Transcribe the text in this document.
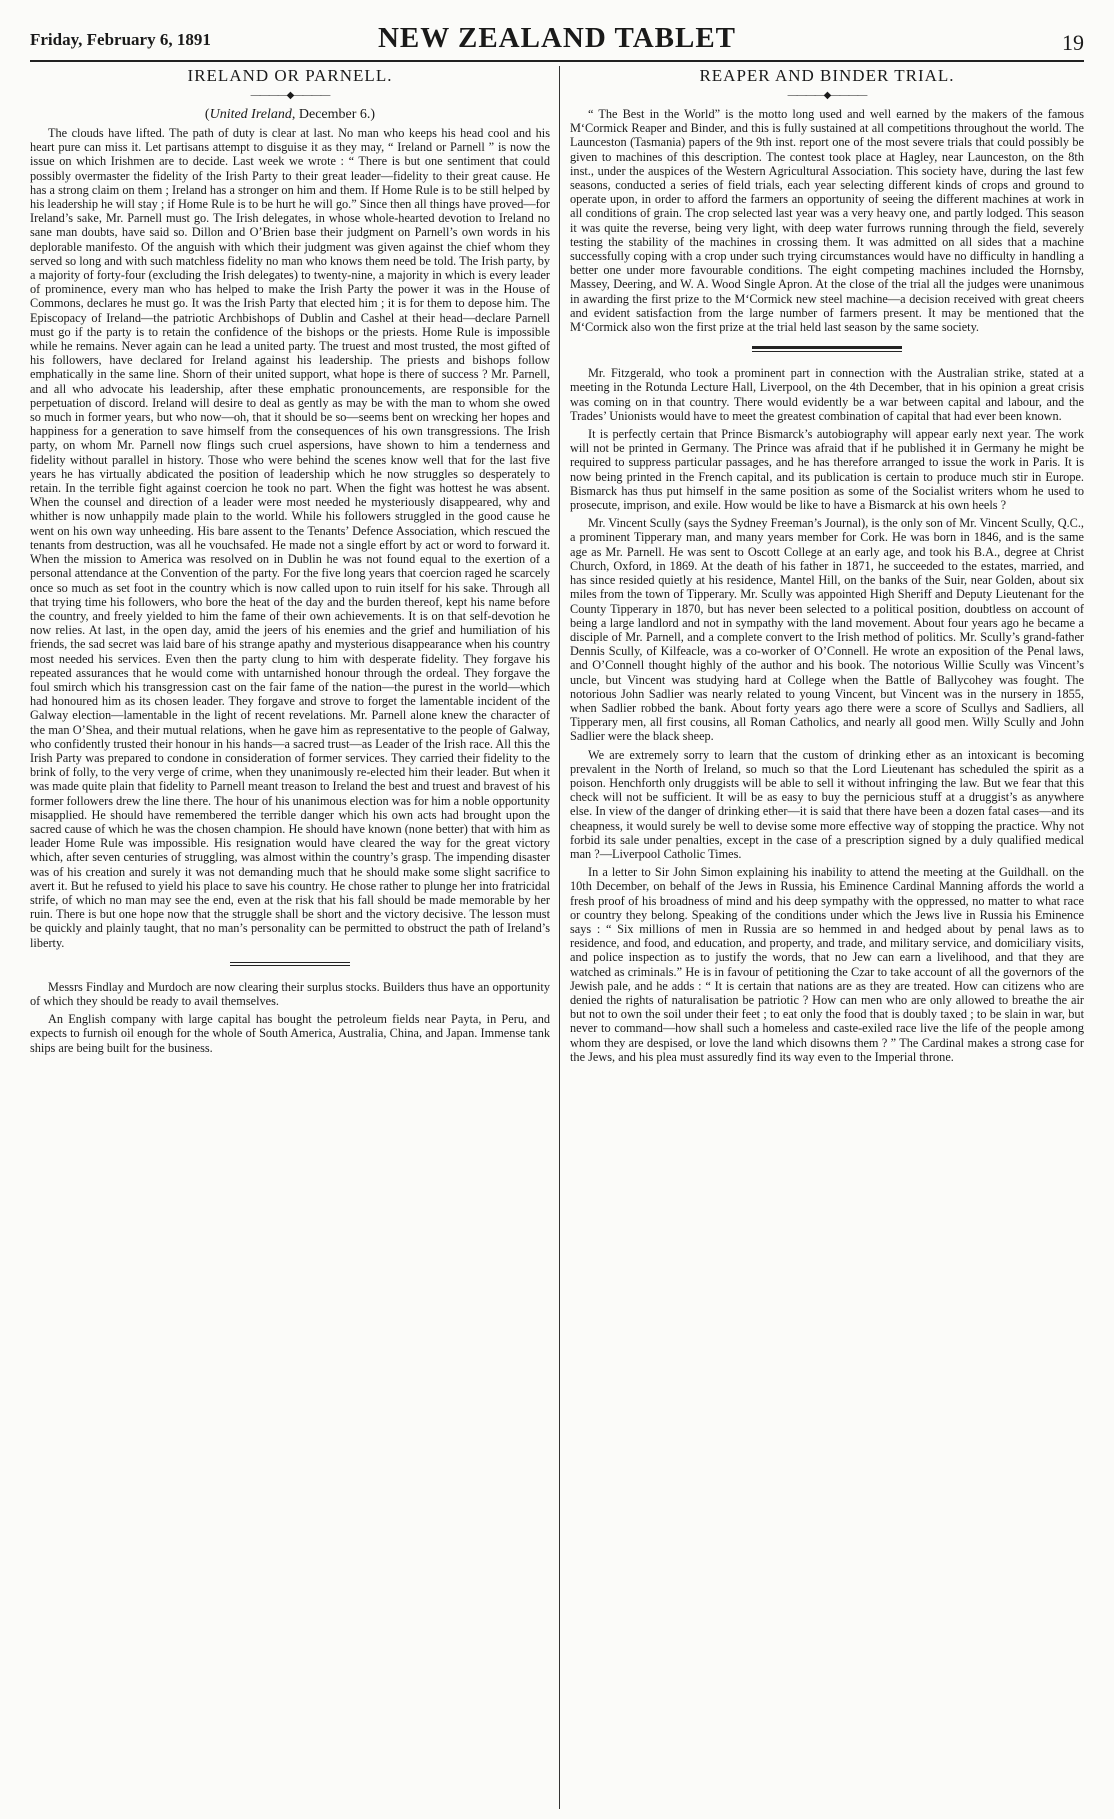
Friday, February 6, 1891	NEW ZEALAND TABLET	19
IRELAND OR PARNELL.
————◆————
(United Ireland, December 6.)

The clouds have lifted. The path of duty is clear at last. No man who keeps his head cool and his heart pure can miss it. Let partisans attempt to disguise it as they may, “ Ireland or Parnell ” is now the issue on which Irishmen are to decide. Last week we wrote : “ There is but one sentiment that could possibly overmaster the fidelity of the Irish Party to their great leader—fidelity to their great cause. He has a strong claim on them ; Ireland has a stronger on him and them. If Home Rule is to be still helped by his leadership he will stay ; if Home Rule is to be hurt he will go.” Since then all things have proved—for Ireland’s sake, Mr. Parnell must go. The Irish delegates, in whose whole-hearted devotion to Ireland no sane man doubts, have said so. Dillon and O’Brien base their judgment on Parnell’s own words in his deplorable manifesto. Of the anguish with which their judgment was given against the chief whom they served so long and with such matchless fidelity no man who knows them need be told. The Irish party, by a majority of forty-four (excluding the Irish delegates) to twenty-nine, a majority in which is every leader of prominence, every man who has helped to make the Irish Party the power it was in the House of Commons, declares he must go. It was the Irish Party that elected him ; it is for them to depose him. The Episcopacy of Ireland—the patriotic Archbishops of Dublin and Cashel at their head—declare Parnell must go if the party is to retain the confidence of the bishops or the priests. Home Rule is impossible while he remains. Never again can he lead a united party. The truest and most trusted, the most gifted of his followers, have declared for Ireland against his leadership. The priests and bishops follow emphatically in the same line. Shorn of their united support, what hope is there of success ? Mr. Parnell, and all who advocate his leadership, after these emphatic pronouncements, are responsible for the perpetuation of discord. Ireland will desire to deal as gently as may be with the man to whom she owed so much in former years, but who now—oh, that it should be so—seems bent on wrecking her hopes and happiness for a generation to save himself from the consequences of his own transgressions. The Irish party, on whom Mr. Parnell now flings such cruel aspersions, have shown to him a tenderness and fidelity without parallel in history. Those who were behind the scenes know well that for the last five years he has virtually abdicated the position of leadership which he now struggles so desperately to retain. In the terrible fight against coercion he took no part. When the fight was hottest he was absent. When the counsel and direction of a leader were most needed he mysteriously disappeared, why and whither is now unhappily made plain to the world. While his followers struggled in the good cause he went on his own way unheeding. His bare assent to the Tenants’ Defence Association, which rescued the tenants from destruction, was all he vouchsafed. He made not a single effort by act or word to forward it. When the mission to America was resolved on in Dublin he was not found equal to the exertion of a personal attendance at the Convention of the party. For the five long years that coercion raged he scarcely once so much as set foot in the country which is now called upon to ruin itself for his sake. Through all that trying time his followers, who bore the heat of the day and the burden thereof, kept his name before the country, and freely yielded to him the fame of their own achievements. It is on that self-devotion he now relies. At last, in the open day, amid the jeers of his enemies and the grief and humiliation of his friends, the sad secret was laid bare of his strange apathy and mysterious disappearance when his country most needed his services. Even then the party clung to him with desperate fidelity. They forgave his repeated assurances that he would come with untarnished honour through the ordeal. They forgave the foul smirch which his transgression cast on the fair fame of the nation—the purest in the world—which had honoured him as its chosen leader. They forgave and strove to forget the lamentable incident of the Galway election—lamentable in the light of recent revelations. Mr. Parnell alone knew the character of the man O’Shea, and their mutual relations, when he gave him as representative to the people of Galway, who confidently trusted their honour in his hands—a sacred trust—as Leader of the Irish race. All this the Irish Party was prepared to condone in consideration of former services. They carried their fidelity to the brink of folly, to the very verge of crime, when they unanimously re-elected him their leader. But when it was made quite plain that fidelity to Parnell meant treason to Ireland the best and truest and bravest of his former followers drew the line there. The hour of his unanimous election was for him a noble opportunity misapplied. He should have remembered the terrible danger which his own acts had brought upon the sacred cause of which he was the chosen champion. He should have known (none better) that with him as leader Home Rule was impossible. His resignation would have cleared the way for the great victory which, after seven centuries of struggling, was almost within the country’s grasp. The impending disaster was of his creation and surely it was not demanding much that he should make some slight sacrifice to avert it. But he refused to yield his place to save his country. He chose rather to plunge her into fratricidal strife, of which no man may see the end, even at the risk that his fall should be made memorable by her ruin. There is but one hope now that the struggle shall be short and the victory decisive. The lesson must be quickly and plainly taught, that no man’s personality can be permitted to obstruct the path of Ireland’s liberty.

Messrs Findlay and Murdoch are now clearing their surplus stocks. Builders thus have an opportunity of which they should be ready to avail themselves.

An English company with large capital has bought the petroleum fields near Payta, in Peru, and expects to furnish oil enough for the whole of South America, Australia, China, and Japan. Immense tank ships are being built for the business.

REAPER AND BINDER TRIAL.
————◆————

“ The Best in the World” is the motto long used and well earned by the makers of the famous M‘Cormick Reaper and Binder, and this is fully sustained at all competitions throughout the world. The Launceston (Tasmania) papers of the 9th inst. report one of the most severe trials that could possibly be given to machines of this description. The contest took place at Hagley, near Launceston, on the 8th inst., under the auspices of the Western Agricultural Association. This society have, during the last few seasons, conducted a series of field trials, each year selecting different kinds of crops and ground to operate upon, in order to afford the farmers an opportunity of seeing the different machines at work in all conditions of grain. The crop selected last year was a very heavy one, and partly lodged. This season it was quite the reverse, being very light, with deep water furrows running through the field, severely testing the stability of the machines in crossing them. It was admitted on all sides that a machine successfully coping with a crop under such trying circumstances would have no difficulty in handling a better one under more favourable conditions. The eight competing machines included the Hornsby, Massey, Deering, and W. A. Wood Single Apron. At the close of the trial all the judges were unanimous in awarding the first prize to the M‘Cormick new steel machine—a decision received with great cheers and evident satisfaction from the large number of farmers present. It may be mentioned that the M‘Cormick also won the first prize at the trial held last season by the same society.

Mr. Fitzgerald, who took a prominent part in connection with the Australian strike, stated at a meeting in the Rotunda Lecture Hall, Liverpool, on the 4th December, that in his opinion a great crisis was coming on in that country. There would evidently be a war between capital and labour, and the Trades’ Unionists would have to meet the greatest combination of capital that had ever been known.

It is perfectly certain that Prince Bismarck’s autobiography will appear early next year. The work will not be printed in Germany. The Prince was afraid that if he published it in Germany he might be required to suppress particular passages, and he has therefore arranged to issue the work in Paris. It is now being printed in the French capital, and its publication is certain to produce much stir in Europe. Bismarck has thus put himself in the same position as some of the Socialist writers whom he used to prosecute, imprison, and exile. How would be like to have a Bismarck at his own heels ?

Mr. Vincent Scully (says the Sydney Freeman’s Journal), is the only son of Mr. Vincent Scully, Q.C., a prominent Tipperary man, and many years member for Cork. He was born in 1846, and is the same age as Mr. Parnell. He was sent to Oscott College at an early age, and took his B.A., degree at Christ Church, Oxford, in 1869. At the death of his father in 1871, he succeeded to the estates, married, and has since resided quietly at his residence, Mantel Hill, on the banks of the Suir, near Golden, about six miles from the town of Tipperary. Mr. Scully was appointed High Sheriff and Deputy Lieutenant for the County Tipperary in 1870, but has never been selected to a political position, doubtless on account of being a large landlord and not in sympathy with the land movement. About four years ago he became a disciple of Mr. Parnell, and a complete convert to the Irish method of politics. Mr. Scully’s grand-father Dennis Scully, of Kilfeacle, was a co-worker of O’Connell. He wrote an exposition of the Penal laws, and O’Connell thought highly of the author and his book. The notorious Willie Scully was Vincent’s uncle, but Vincent was studying hard at College when the Battle of Ballycohey was fought. The notorious John Sadlier was nearly related to young Vincent, but Vincent was in the nursery in 1855, when Sadlier robbed the bank. About forty years ago there were a score of Scullys and Sadliers, all Tipperary men, all first cousins, all Roman Catholics, and nearly all good men. Willy Scully and John Sadlier were the black sheep.

We are extremely sorry to learn that the custom of drinking ether as an intoxicant is becoming prevalent in the North of Ireland, so much so that the Lord Lieutenant has scheduled the spirit as a poison. Henchforth only druggists will be able to sell it without infringing the law. But we fear that this check will not be sufficient. It will be as easy to buy the pernicious stuff at a druggist’s as anywhere else. In view of the danger of drinking ether—it is said that there have been a dozen fatal cases—and its cheapness, it would surely be well to devise some more effective way of stopping the practice. Why not forbid its sale under penalties, except in the case of a prescription signed by a duly qualified medical man ?—Liverpool Catholic Times.

In a letter to Sir John Simon explaining his inability to attend the meeting at the Guildhall. on the 10th December, on behalf of the Jews in Russia, his Eminence Cardinal Manning affords the world a fresh proof of his broadness of mind and his deep sympathy with the oppressed, no matter to what race or country they belong. Speaking of the conditions under which the Jews live in Russia his Eminence says : “ Six millions of men in Russia are so hemmed in and hedged about by penal laws as to residence, and food, and education, and property, and trade, and military service, and domiciliary visits, and police inspection as to justify the words, that no Jew can earn a livelihood, and that they are watched as criminals.” He is in favour of petitioning the Czar to take account of all the governors of the Jewish pale, and he adds : “ It is certain that nations are as they are treated. How can citizens who are denied the rights of naturalisation be patriotic ? How can men who are only allowed to breathe the air but not to own the soil under their feet ; to eat only the food that is doubly taxed ; to be slain in war, but never to command—how shall such a homeless and caste-exiled race live the life of the people among whom they are despised, or love the land which disowns them ? ” The Cardinal makes a strong case for the Jews, and his plea must assuredly find its way even to the Imperial throne.
